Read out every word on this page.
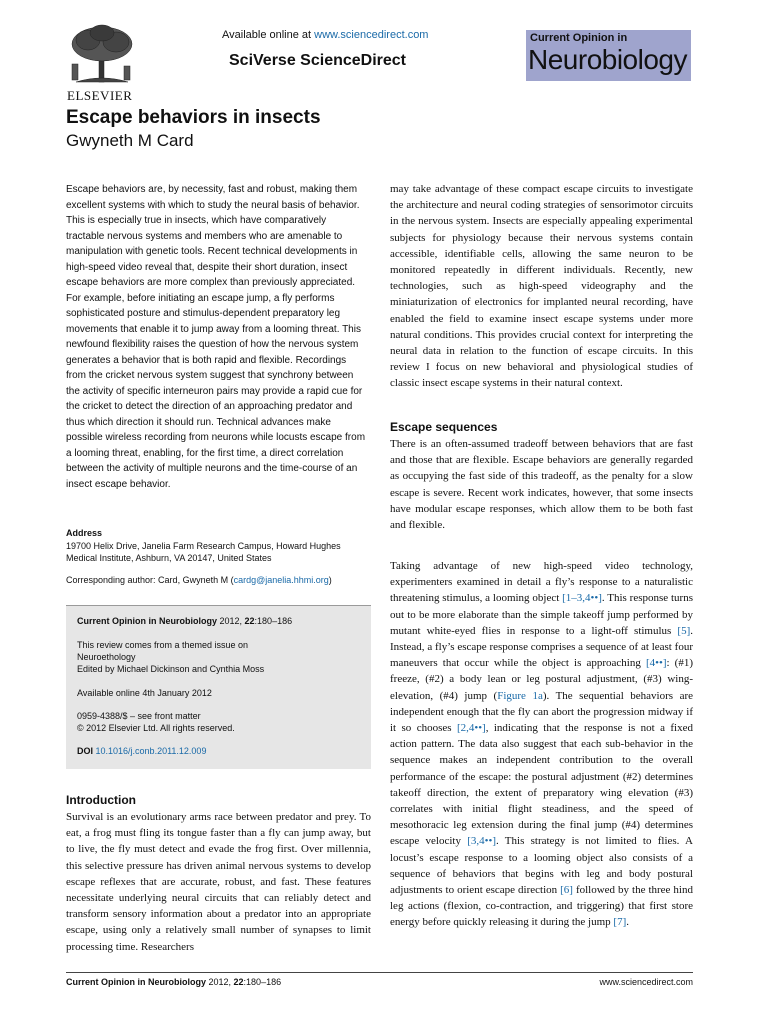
ELSEVIER
Available online at www.sciencedirect.com
SciVerse ScienceDirect
Current Opinion in
Neurobiology
Escape behaviors in insects
Gwyneth M Card
Escape behaviors are, by necessity, fast and robust, making them excellent systems with which to study the neural basis of behavior. This is especially true in insects, which have comparatively tractable nervous systems and members who are amenable to manipulation with genetic tools. Recent technical developments in high-speed video reveal that, despite their short duration, insect escape behaviors are more complex than previously appreciated. For example, before initiating an escape jump, a fly performs sophisticated posture and stimulus-dependent preparatory leg movements that enable it to jump away from a looming threat. This newfound flexibility raises the question of how the nervous system generates a behavior that is both rapid and flexible. Recordings from the cricket nervous system suggest that synchrony between the activity of specific interneuron pairs may provide a rapid cue for the cricket to detect the direction of an approaching predator and thus which direction it should run. Technical advances make possible wireless recording from neurons while locusts escape from a looming threat, enabling, for the first time, a direct correlation between the activity of multiple neurons and the time-course of an insect escape behavior.
Address
19700 Helix Drive, Janelia Farm Research Campus, Howard Hughes Medical Institute, Ashburn, VA 20147, United States
Corresponding author: Card, Gwyneth M (cardg@janelia.hhmi.org)
Current Opinion in Neurobiology 2012, 22:180–186
This review comes from a themed issue on
Neuroethology
Edited by Michael Dickinson and Cynthia Moss
Available online 4th January 2012
0959-4388/$ – see front matter
© 2012 Elsevier Ltd. All rights reserved.
DOI 10.1016/j.conb.2011.12.009
Introduction
Survival is an evolutionary arms race between predator and prey. To eat, a frog must fling its tongue faster than a fly can jump away, but to live, the fly must detect and evade the frog first. Over millennia, this selective pressure has driven animal nervous systems to develop escape reflexes that are accurate, robust, and fast. These features necessitate underlying neural circuits that can reliably detect and transform sensory information about a predator into an appropriate escape, using only a relatively small number of synapses to limit processing time. Researchers
may take advantage of these compact escape circuits to investigate the architecture and neural coding strategies of sensorimotor circuits in the nervous system. Insects are especially appealing experimental subjects for physiology because their nervous systems contain accessible, identifiable cells, allowing the same neuron to be monitored repeatedly in different individuals. Recently, new technologies, such as high-speed videography and the miniaturization of electronics for implanted neural recording, have enabled the field to examine insect escape systems under more natural conditions. This provides crucial context for interpreting the neural data in relation to the function of escape circuits. In this review I focus on new behavioral and physiological studies of classic insect escape systems in their natural context.
Escape sequences
There is an often-assumed tradeoff between behaviors that are fast and those that are flexible. Escape behaviors are generally regarded as occupying the fast side of this tradeoff, as the penalty for a slow escape is severe. Recent work indicates, however, that some insects have modular escape responses, which allow them to be both fast and flexible.
Taking advantage of new high-speed video technology, experimenters examined in detail a fly’s response to a naturalistic threatening stimulus, a looming object [1–3,4••]. This response turns out to be more elaborate than the simple takeoff jump performed by mutant white-eyed flies in response to a light-off stimulus [5]. Instead, a fly’s escape response comprises a sequence of at least four maneuvers that occur while the object is approaching [4••]: (#1) freeze, (#2) a body lean or leg postural adjustment, (#3) wing-elevation, (#4) jump (Figure 1a). The sequential behaviors are independent enough that the fly can abort the progression midway if it so chooses [2,4••], indicating that the response is not a fixed action pattern. The data also suggest that each sub-behavior in the sequence makes an independent contribution to the overall performance of the escape: the postural adjustment (#2) determines takeoff direction, the extent of preparatory wing elevation (#3) correlates with initial flight steadiness, and the speed of mesothoracic leg extension during the final jump (#4) determines escape velocity [3,4••]. This strategy is not limited to flies. A locust’s escape response to a looming object also consists of a sequence of behaviors that begins with leg and body postural adjustments to orient escape direction [6] followed by the three hind leg actions (flexion, co-contraction, and triggering) that first store energy before quickly releasing it during the jump [7].
Current Opinion in Neurobiology 2012, 22:180–186	www.sciencedirect.com
